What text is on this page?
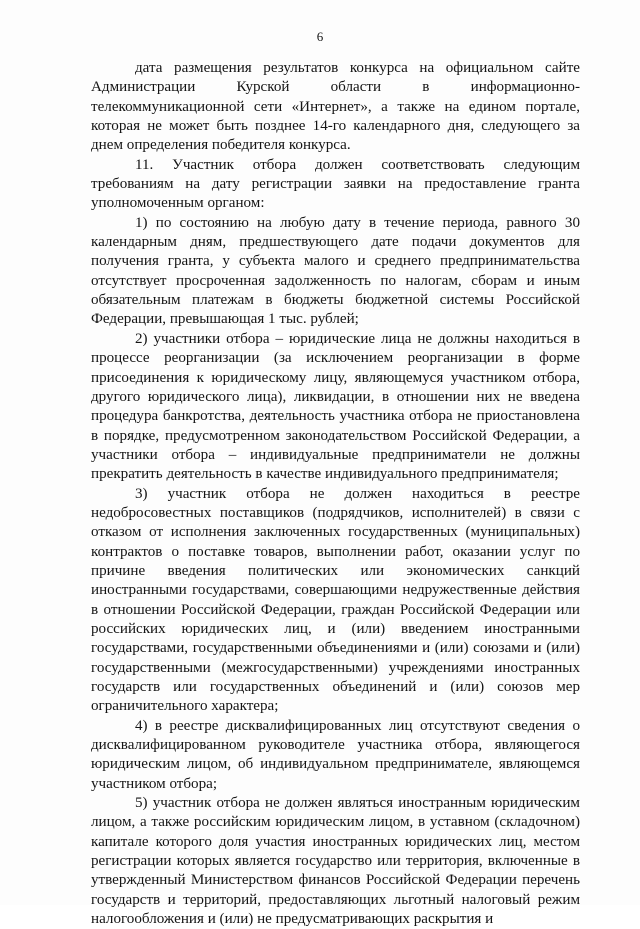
6

дата размещения результатов конкурса на официальном сайте Администрации Курской области в информационно-телекоммуникационной сети «Интернет», а также на едином портале, которая не может быть позднее 14-го календарного дня, следующего за днем определения победителя конкурса.

11. Участник отбора должен соответствовать следующим требованиям на дату регистрации заявки на предоставление гранта уполномоченным органом:

1) по состоянию на любую дату в течение периода, равного 30 календарным дням, предшествующего дате подачи документов для получения гранта, у субъекта малого и среднего предпринимательства отсутствует просроченная задолженность по налогам, сборам и иным обязательным платежам в бюджеты бюджетной системы Российской Федерации, превышающая 1 тыс. рублей;

2) участники отбора – юридические лица не должны находиться в процессе реорганизации (за исключением реорганизации в форме присоединения к юридическому лицу, являющемуся участником отбора, другого юридического лица), ликвидации, в отношении них не введена процедура банкротства, деятельность участника отбора не приостановлена в порядке, предусмотренном законодательством Российской Федерации, а участники отбора – индивидуальные предприниматели не должны прекратить деятельность в качестве индивидуального предпринимателя;

3) участник отбора не должен находиться в реестре недобросовестных поставщиков (подрядчиков, исполнителей) в связи с отказом от исполнения заключенных государственных (муниципальных) контрактов о поставке товаров, выполнении работ, оказании услуг по причине введения политических или экономических санкций иностранными государствами, совершающими недружественные действия в отношении Российской Федерации, граждан Российской Федерации или российских юридических лиц, и (или) введением иностранными государствами, государственными объединениями и (или) союзами и (или) государственными (межгосударственными) учреждениями иностранных государств или государственных объединений и (или) союзов мер ограничительного характера;

4) в реестре дисквалифицированных лиц отсутствуют сведения о дисквалифицированном руководителе участника отбора, являющегося юридическим лицом, об индивидуальном предпринимателе, являющемся участником отбора;

5) участник отбора не должен являться иностранным юридическим лицом, а также российским юридическим лицом, в уставном (складочном) капитале которого доля участия иностранных юридических лиц, местом регистрации которых является государство или территория, включенные в утвержденный Министерством финансов Российской Федерации перечень государств и территорий, предоставляющих льготный налоговый режим налогообложения и (или) не предусматривающих раскрытия и
